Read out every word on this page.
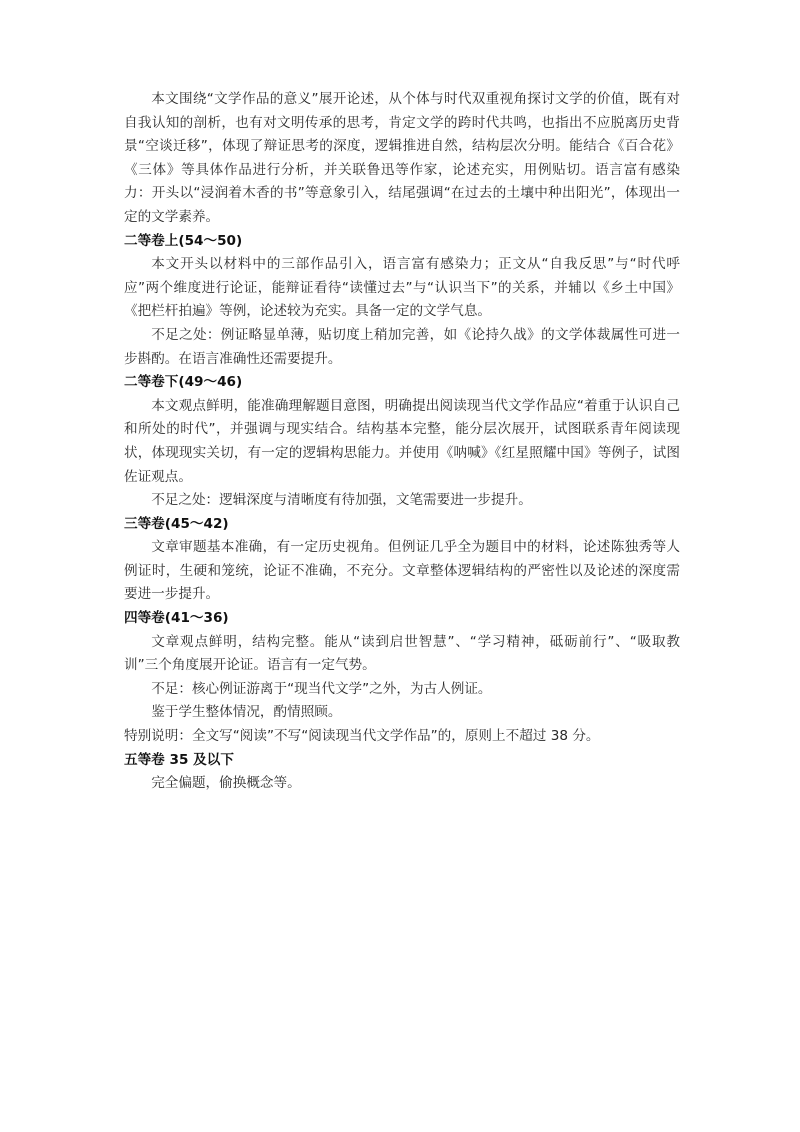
本文围绕“文学作品的意义”展开论述，从个体与时代双重视角探讨文学的价值，既有对自我认知的剖析，也有对文明传承的思考，肯定文学的跨时代共鸣，也指出不应脱离历史背景“空谈迁移”，体现了辩证思考的深度，逻辑推进自然，结构层次分明。能结合《百合花》《三体》等具体作品进行分析，并关联鲁迅等作家，论述充实，用例贴切。语言富有感染力：开头以“浸润着木香的书”等意象引入，结尾强调“在过去的土壤中种出阳光”，体现出一定的文学素养。

二等卷上(54～50)

本文开头以材料中的三部作品引入，语言富有感染力；正文从“自我反思”与“时代呼应”两个维度进行论证，能辩证看待“读懂过去”与“认识当下”的关系，并辅以《乡土中国》《把栏杆拍遍》等例，论述较为充实。具备一定的文学气息。

不足之处：例证略显单薄，贴切度上稍加完善，如《论持久战》的文学体裁属性可进一步斟酌。在语言准确性还需要提升。

二等卷下(49～46)

本文观点鲜明，能准确理解题目意图，明确提出阅读现当代文学作品应“着重于认识自己和所处的时代”，并强调与现实结合。结构基本完整，能分层次展开，试图联系青年阅读现状，体现现实关切，有一定的逻辑构思能力。并使用《呐喊》《红星照耀中国》等例子，试图佐证观点。

不足之处：逻辑深度与清晰度有待加强，文笔需要进一步提升。

三等卷(45～42)

文章审题基本准确，有一定历史视角。但例证几乎全为题目中的材料，论述陈独秀等人例证时，生硬和笼统，论证不准确，不充分。文章整体逻辑结构的严密性以及论述的深度需要进一步提升。

四等卷(41～36)

文章观点鲜明，结构完整。能从“读到启世智慧”、“学习精神，砥砺前行”、“吸取教训”三个角度展开论证。语言有一定气势。

不足：核心例证游离于“现当代文学”之外，为古人例证。

鉴于学生整体情况，酌情照顾。

特别说明：全文写“阅读”不写“阅读现当代文学作品”的，原则上不超过 38 分。

五等卷 35 及以下

完全偏题，偷换概念等。
